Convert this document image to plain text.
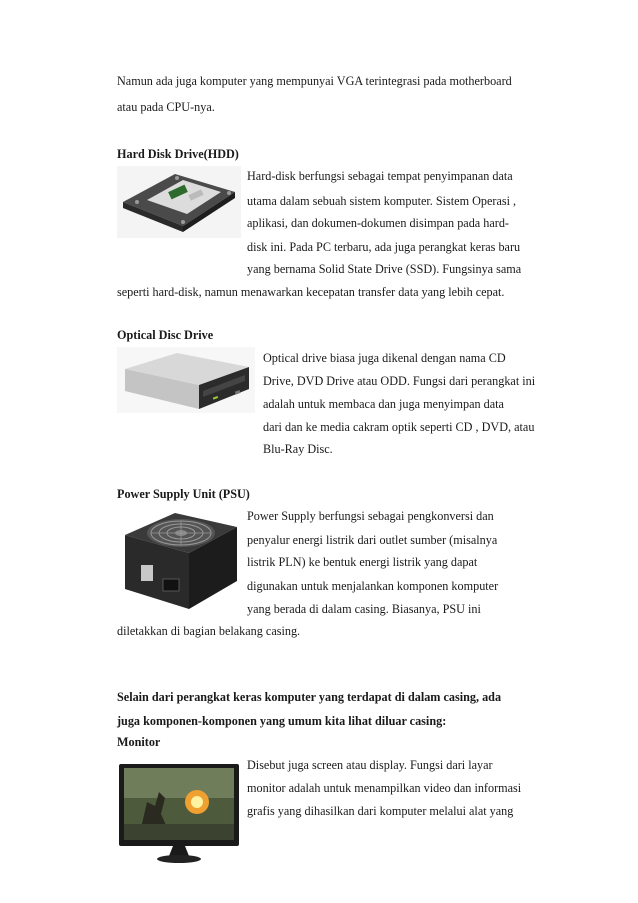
Namun ada juga komputer yang mempunyai VGA terintegrasi pada motherboard
atau pada CPU-nya.
Hard Disk Drive(HDD)
Hard-disk berfungsi sebagai tempat penyimpanan data
utama dalam sebuah sistem komputer. Sistem Operasi ,
aplikasi, dan dokumen-dokumen disimpan pada hard-
disk ini. Pada PC terbaru, ada juga perangkat keras baru
yang bernama Solid State Drive (SSD). Fungsinya sama
seperti hard-disk, namun menawarkan kecepatan transfer data yang lebih cepat.
Optical Disc Drive
Optical drive biasa juga dikenal dengan nama CD
Drive, DVD Drive atau ODD. Fungsi dari perangkat ini
adalah untuk membaca dan juga menyimpan data
dari dan ke media cakram optik seperti CD , DVD, atau
Blu-Ray Disc.
Power Supply Unit (PSU)
Power Supply berfungsi sebagai pengkonversi dan
penyalur energi listrik dari outlet sumber (misalnya
listrik PLN) ke bentuk energi listrik yang dapat
digunakan untuk menjalankan komponen komputer
yang berada di dalam casing. Biasanya, PSU ini
diletakkan di bagian belakang casing.
Selain dari perangkat keras komputer yang terdapat di dalam casing, ada
juga komponen-komponen yang umum kita lihat diluar casing:
Monitor
Disebut juga screen atau display. Fungsi dari layar
monitor adalah untuk menampilkan video dan informasi
grafis yang dihasilkan dari komputer melalui alat yang
